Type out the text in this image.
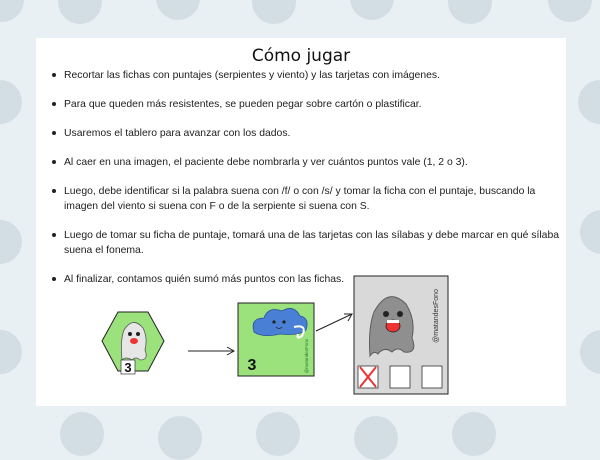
Cómo jugar
Recortar las fichas con puntajes (serpientes y viento) y las tarjetas con imágenes.
Para que queden más resistentes, se pueden pegar sobre cartón o plastificar.
Usaremos el tablero para avanzar con los dados.
Al caer en una imagen, el paciente debe nombrarla y ver cuántos puntos vale (1, 2 o 3).
Luego, debe identificar si la palabra suena con /f/ o con /s/ y tomar la ficha con el puntaje, buscando la imagen del viento si suena con F o de la serpiente si suena con S.
Luego de tomar su ficha de puntaje, tomará una de las tarjetas con las sílabas y debe marcar en qué sílaba suena el fonema.
Al finalizar, contamos quién sumó más puntos con las fichas.
3	3	@matandesFono
@matandesFono
